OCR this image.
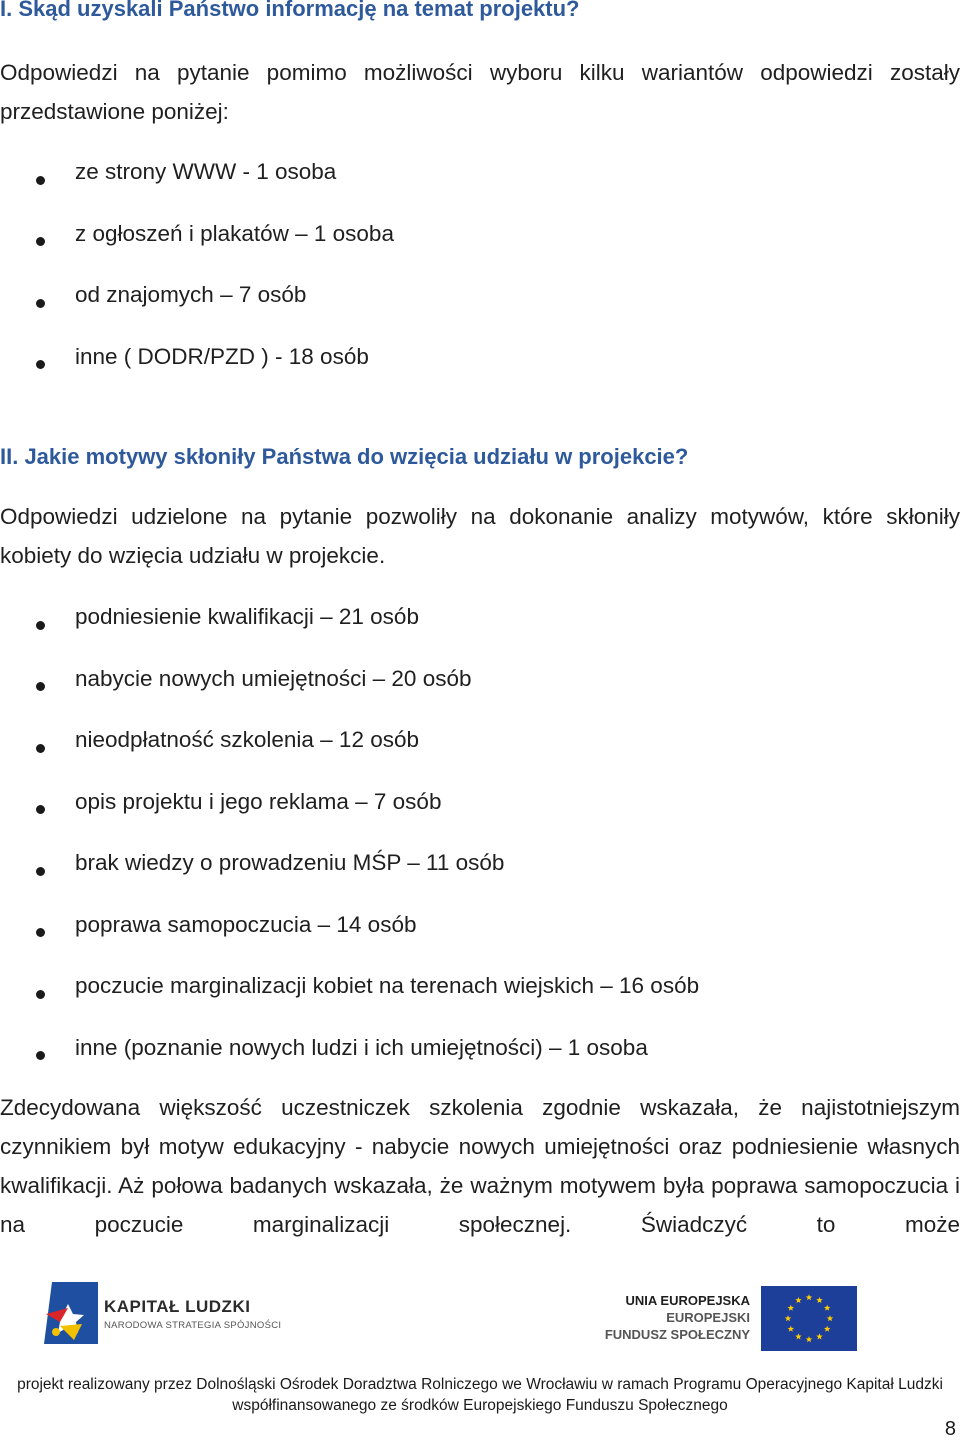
I. Skąd uzyskali Państwo informację na temat projektu?
Odpowiedzi na pytanie pomimo możliwości wyboru kilku wariantów odpowiedzi zostały przedstawione poniżej:
ze strony WWW - 1 osoba
z ogłoszeń i plakatów – 1 osoba
od znajomych – 7 osób
inne ( DODR/PZD ) - 18 osób
II. Jakie motywy skłoniły Państwa do wzięcia udziału w projekcie?
Odpowiedzi udzielone na pytanie pozwoliły na dokonanie analizy motywów, które skłoniły kobiety do wzięcia udziału w projekcie.
podniesienie kwalifikacji – 21 osób
nabycie nowych umiejętności – 20 osób
nieodpłatność szkolenia – 12 osób
opis projektu i jego reklama – 7 osób
brak wiedzy o prowadzeniu MŚP – 11 osób
poprawa samopoczucia – 14 osób
poczucie marginalizacji kobiet na terenach wiejskich – 16 osób
inne (poznanie nowych ludzi i ich umiejętności) – 1 osoba
Zdecydowana większość uczestniczek szkolenia zgodnie wskazała, że najistotniejszym czynnikiem był motyw edukacyjny - nabycie nowych umiejętności oraz podniesienie własnych kwalifikacji. Aż połowa badanych wskazała, że ważnym motywem była poprawa samopoczucia i na poczucie marginalizacji społecznej. Świadczyć to może
KAPITAŁ LUDZKI
NARODOWA STRATEGIA SPÓJNOŚCI
UNIA EUROPEJSKA
EUROPEJSKI
FUNDUSZ SPOŁECZNY
projekt realizowany przez Dolnośląski Ośrodek Doradztwa Rolniczego we Wrocławiu w ramach Programu Operacyjnego Kapitał Ludzki
współfinansowanego ze środków Europejskiego Funduszu Społecznego
8
